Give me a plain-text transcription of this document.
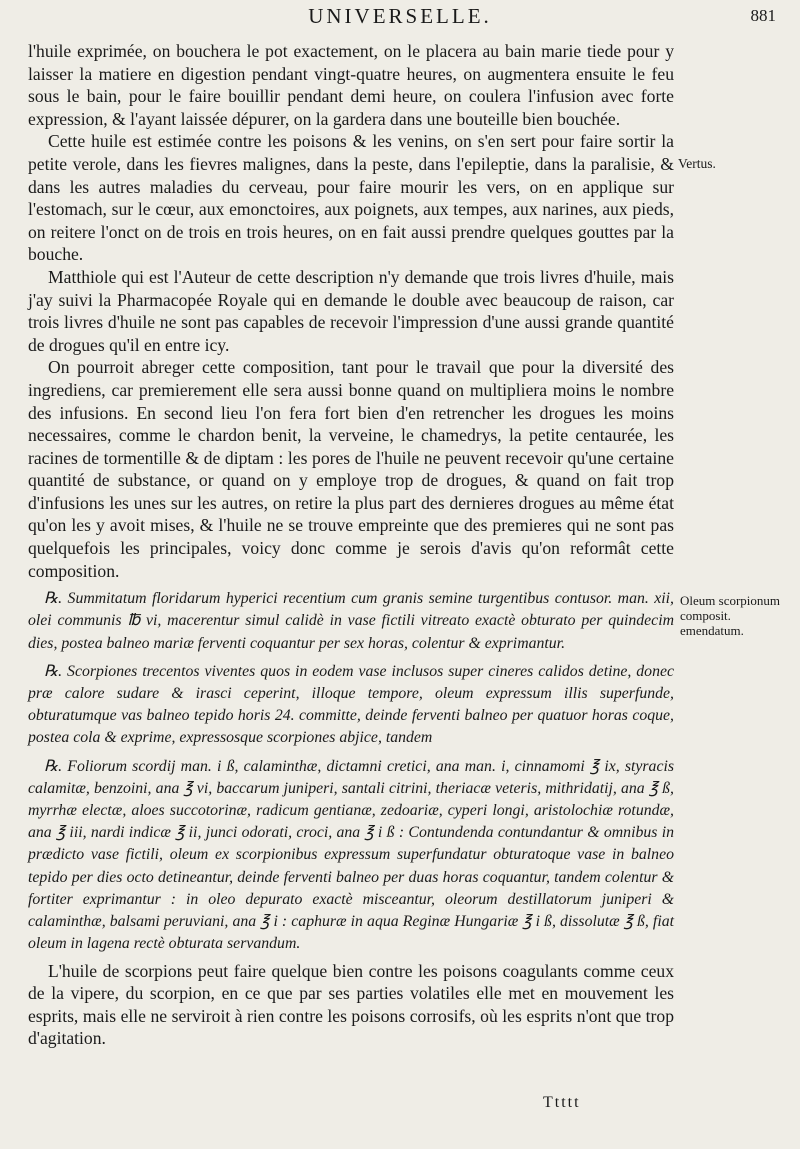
UNIVERSELLE.	881

l'huile exprimée, on bouchera le pot exactement, on le placera au bain marie tiede pour y laisser la matiere en digestion pendant vingt-quatre heures, on augmentera ensuite le feu sous le bain, pour le faire bouillir pendant demi heure, on coulera l'infusion avec forte expression, & l'ayant laissée dépurer, on la gardera dans une bouteille bien bouchée.

Cette huile est estimée contre les poisons & les venins, on s'en sert pour faire sortir la petite verole, dans les fievres malignes, dans la peste, dans l'epileptie, dans la paralisie, & dans les autres maladies du cerveau, pour faire mourir les vers, on en applique sur l'estomach, sur le cœur, aux emonctoires, aux poignets, aux tempes, aux narines, aux pieds, on reitere l'onct on de trois en trois heures, on en fait aussi prendre quelques gouttes par la bouche.

Matthiole qui est l'Auteur de cette description n'y demande que trois livres d'huile, mais j'ay suivi la Pharmacopée Royale qui en demande le double avec beaucoup de raison, car trois livres d'huile ne sont pas capables de recevoir l'impression d'une aussi grande quantité de drogues qu'il en entre icy.

On pourroit abreger cette composition, tant pour le travail que pour la diversité des ingrediens, car premierement elle sera aussi bonne quand on multipliera moins le nombre des infusions. En second lieu l'on fera fort bien d'en retrencher les drogues les moins necessaires, comme le chardon benit, la verveine, le chamedrys, la petite centaurée, les racines de tormentille & de diptam : les pores de l'huile ne peuvent recevoir qu'une certaine quantité de substance, or quand on y employe trop de drogues, & quand on fait trop d'infusions les unes sur les autres, on retire la plus part des dernieres drogues au même état qu'on les y avoit mises, & l'huile ne se trouve empreinte que des premieres qui ne sont pas quelquefois les principales, voicy donc comme je serois d'avis qu'on reformât cette composition.

℞. Summitatum floridarum hyperici recentium cum granis semine turgentibus contusor. man. xii, olei communis ℔ vi, macerentur simul calidè in vase fictili vitreato exactè obturato per quindecim dies, postea balneo mariæ ferventi coquantur per sex horas, colentur & exprimantur.

℞. Scorpiones trecentos viventes quos in eodem vase inclusos super cineres calidos detine, donec præ calore sudare & irasci ceperint, illoque tempore, oleum expressum illis superfunde, obturatumque vas balneo tepido horis 24. committe, deinde ferventi balneo per quatuor horas coque, postea cola & exprime, expressosque scorpiones abjice, tandem

℞. Foliorum scordij man. i ß, calaminthæ, dictamni cretici, ana man. i, cinnamomi ℥ ix, styracis calamitæ, benzoini, ana ℥ vi, baccarum juniperi, santali citrini, theriacæ veteris, mithridatij, ana ℥ ß, myrrhæ electæ, aloes succotorinæ, radicum gentianæ, zedoariæ, cyperi longi, aristolochiæ rotundæ, ana ℥ iii, nardi indicæ ℥ ii, junci odorati, croci, ana ℥ i ß : Contundenda contundantur & omnibus in prædicto vase fictili, oleum ex scorpionibus expressum superfundatur obturatoque vase in balneo tepido per dies octo detineantur, deinde ferventi balneo per duas horas coquantur, tandem colentur & fortiter exprimantur : in oleo depurato exactè misceantur, oleorum destillatorum juniperi & calaminthæ, balsami peruviani, ana ℥ i : caphuræ in aqua Reginæ Hungariæ ℥ i ß, dissolutæ ℥ ß, fiat oleum in lagena rectè obturata servandum.

L'huile de scorpions peut faire quelque bien contre les poisons coagulants comme ceux de la vipere, du scorpion, en ce que par ses parties volatiles elle met en mouvement les esprits, mais elle ne serviroit à rien contre les poisons corrosifs, où les esprits n'ont que trop d'agitation.

Vertus.
Oleum scorpionum composit. emendatum.
Ttttt
